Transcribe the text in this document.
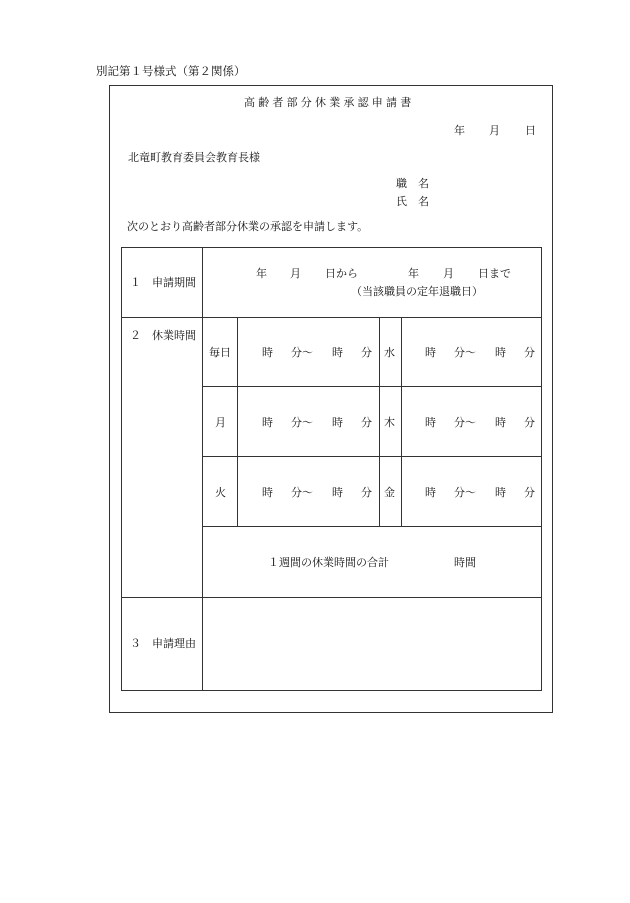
別記第１号様式（第２関係）
高齢者部分休業承認申請書
年 月 日
北竜町教育委員会教育長様
職　名
氏　名
次のとおり高齢者部分休業の承認を申請します。
１　申請期間
年 月 日から	年 月 日まで
（当該職員の定年退職日）
２　休業時間
毎日	時 分〜 時 分 水	時 分〜 時 分
月	時 分〜 時 分 木	時 分〜 時 分
火	時 分〜 時 分 金	時 分〜 時 分
１週間の休業時間の合計	時間
３　申請理由
